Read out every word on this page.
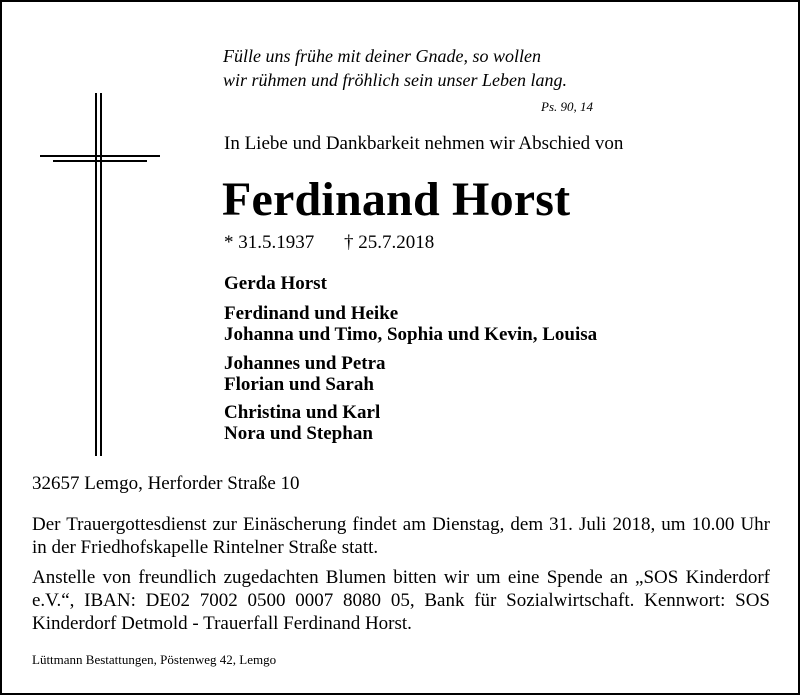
Fülle uns frühe mit deiner Gnade, so wollen
wir rühmen und fröhlich sein unser Leben lang.
Ps. 90, 14
In Liebe und Dankbarkeit nehmen wir Abschied von
Ferdinand Horst
* 31.5.1937 † 25.7.2018
Gerda Horst
Ferdinand und Heike
Johanna und Timo, Sophia und Kevin, Louisa
Johannes und Petra
Florian und Sarah
Christina und Karl
Nora und Stephan
32657 Lemgo, Herforder Straße 10
Der Trauergottesdienst zur Einäscherung findet am Dienstag, dem 31. Juli 2018, um 10.00 Uhr in der Friedhofskapelle Rintelner Straße statt.
Anstelle von freundlich zugedachten Blumen bitten wir um eine Spende an „SOS Kinderdorf e.V.“, IBAN: DE02 7002 0500 0007 8080 05, Bank für Sozialwirtschaft. Kennwort: SOS Kinderdorf Detmold - Trauerfall Ferdinand Horst.
Lüttmann Bestattungen, Pöstenweg 42, Lemgo
